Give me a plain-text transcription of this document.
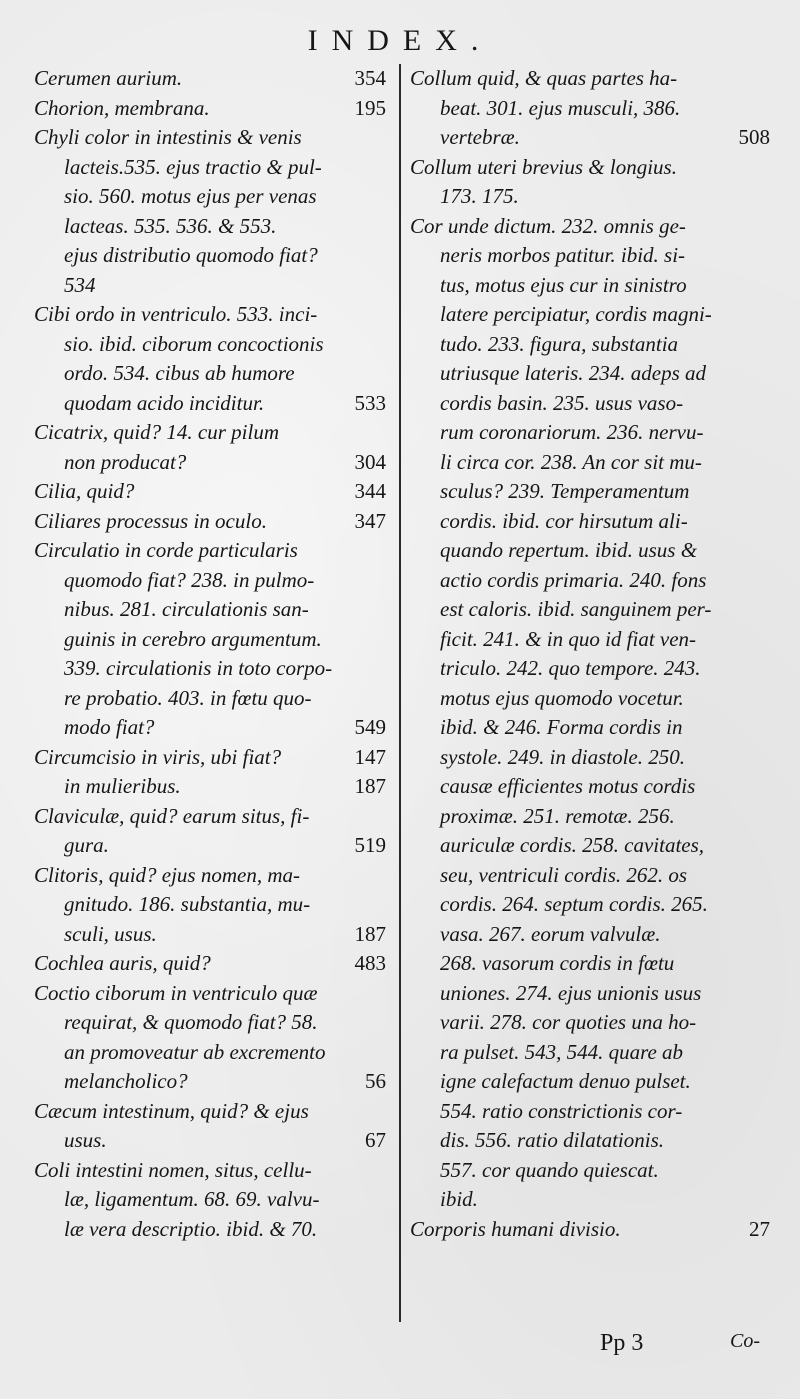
INDEX.
354
Cerumen aurium.
195
Chorion, membrana.
Chyli color in intestinis & venis
lacteis.535. ejus tractio & pul-
sio. 560. motus ejus per venas
lacteas. 535. 536. & 553.
ejus distributio quomodo fiat?
534
Cibi ordo in ventriculo. 533. inci-
sio. ibid. ciborum concoctionis
ordo. 534. cibus ab humore
533
quodam acido inciditur.
Cicatrix, quid? 14. cur pilum
304
non producat?
344
Cilia, quid?
347
Ciliares processus in oculo.
Circulatio in corde particularis
quomodo fiat? 238. in pulmo-
nibus. 281. circulationis san-
guinis in cerebro argumentum.
339. circulationis in toto corpo-
re probatio. 403. in fœtu quo-
549
modo fiat?
147
Circumcisio in viris, ubi fiat?
187
in mulieribus.
Claviculæ, quid? earum situs, fi-
519
gura.
Clitoris, quid? ejus nomen, ma-
gnitudo. 186. substantia, mu-
187
sculi, usus.
483
Cochlea auris, quid?
Coctio ciborum in ventriculo quæ
requirat, & quomodo fiat? 58.
an promoveatur ab excremento
56
melancholico?
Cæcum intestinum, quid? & ejus
67
usus.
Coli intestini nomen, situs, cellu-
læ, ligamentum. 68. 69. valvu-
læ vera descriptio. ibid. & 70.
Collum quid, & quas partes ha-
beat. 301. ejus musculi, 386.
508
vertebræ.
Collum uteri brevius & longius.
173. 175.
Cor unde dictum. 232. omnis ge-
neris morbos patitur. ibid. si-
tus, motus ejus cur in sinistro
latere percipiatur, cordis magni-
tudo. 233. figura, substantia
utriusque lateris. 234. adeps ad
cordis basin. 235. usus vaso-
rum coronariorum. 236. nervu-
li circa cor. 238. An cor sit mu-
sculus? 239. Temperamentum
cordis. ibid. cor hirsutum ali-
quando repertum. ibid. usus &
actio cordis primaria. 240. fons
est caloris. ibid. sanguinem per-
ficit. 241. & in quo id fiat ven-
triculo. 242. quo tempore. 243.
motus ejus quomodo vocetur.
ibid. & 246. Forma cordis in
systole. 249. in diastole. 250.
causæ efficientes motus cordis
proximæ. 251. remotæ. 256.
auriculæ cordis. 258. cavitates,
seu, ventriculi cordis. 262. os
cordis. 264. septum cordis. 265.
vasa. 267. eorum valvulæ.
268. vasorum cordis in fœtu
uniones. 274. ejus unionis usus
varii. 278. cor quoties una ho-
ra pulset. 543, 544. quare ab
igne calefactum denuo pulset.
554. ratio constrictionis cor-
dis. 556. ratio dilatationis.
557. cor quando quiescat.
ibid.
27
Corporis humani divisio.
Pp 3	Co-
